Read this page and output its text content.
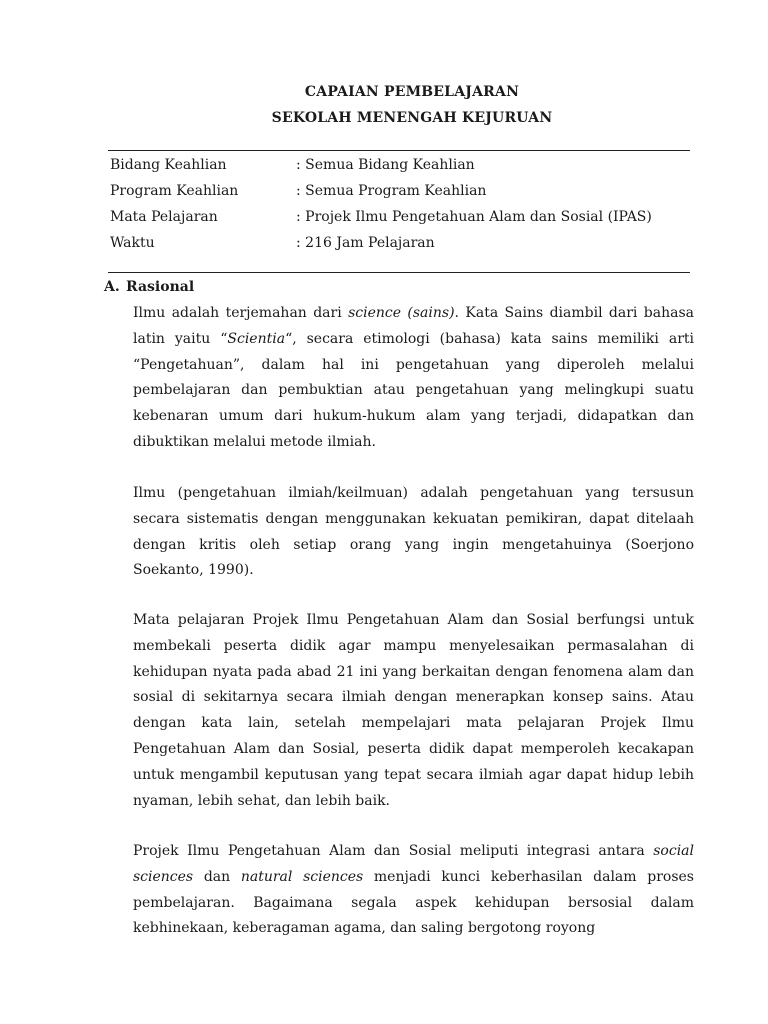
CAPAIAN PEMBELAJARAN
SEKOLAH MENENGAH KEJURUAN
Bidang Keahlian	: Semua Bidang Keahlian
Program Keahlian	: Semua Program Keahlian
Mata Pelajaran	: Projek Ilmu Pengetahuan Alam dan Sosial (IPAS)
Waktu	: 216 Jam Pelajaran
A. Rasional
Ilmu adalah terjemahan dari science (sains). Kata Sains diambil dari bahasa latin yaitu “Scientia“, secara etimologi (bahasa) kata sains memiliki arti “Pengetahuan”, dalam hal ini pengetahuan yang diperoleh melalui pembelajaran dan pembuktian atau pengetahuan yang melingkupi suatu kebenaran umum dari hukum-hukum alam yang terjadi, didapatkan dan dibuktikan melalui metode ilmiah.
Ilmu (pengetahuan ilmiah/keilmuan) adalah pengetahuan yang tersusun secara sistematis dengan menggunakan kekuatan pemikiran, dapat ditelaah dengan kritis oleh setiap orang yang ingin mengetahuinya (Soerjono Soekanto, 1990).
Mata pelajaran Projek Ilmu Pengetahuan Alam dan Sosial berfungsi untuk membekali peserta didik agar mampu menyelesaikan permasalahan di kehidupan nyata pada abad 21 ini yang berkaitan dengan fenomena alam dan sosial di sekitarnya secara ilmiah dengan menerapkan konsep sains. Atau dengan kata lain, setelah mempelajari mata pelajaran Projek Ilmu Pengetahuan Alam dan Sosial, peserta didik dapat memperoleh kecakapan untuk mengambil keputusan yang tepat secara ilmiah agar dapat hidup lebih nyaman, lebih sehat, dan lebih baik.
Projek Ilmu Pengetahuan Alam dan Sosial meliputi integrasi antara social sciences dan natural sciences menjadi kunci keberhasilan dalam proses pembelajaran. Bagaimana segala aspek kehidupan bersosial dalam kebhinekaan, keberagaman agama, dan saling bergotong royong
